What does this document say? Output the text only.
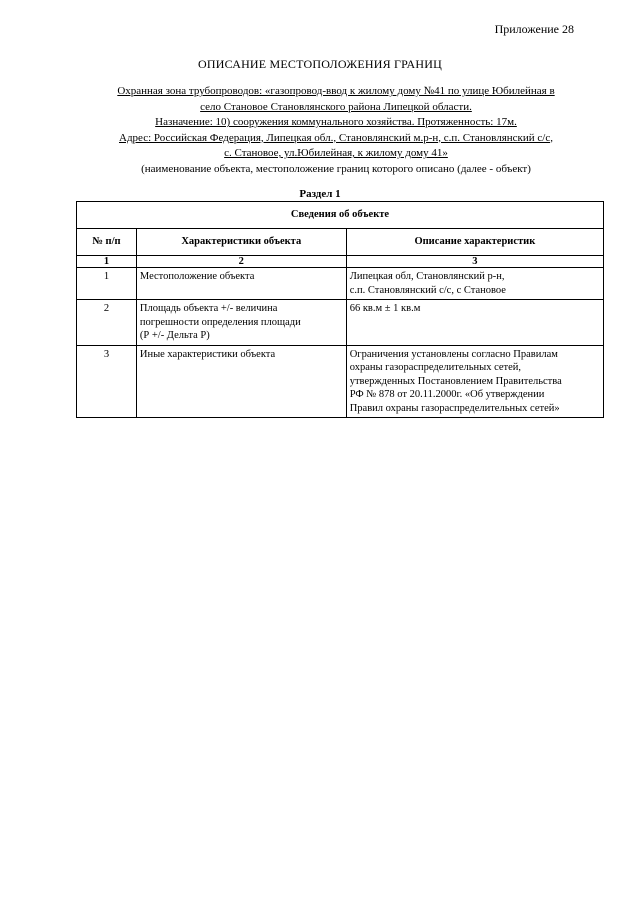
Приложение 28
ОПИСАНИЕ МЕСТОПОЛОЖЕНИЯ ГРАНИЦ
Охранная зона трубопроводов: «газопровод-ввод к жилому дому №41 по улице Юбилейная в
село Становое Становлянского района Липецкой области.
Назначение: 10) сооружения коммунального хозяйства. Протяженность: 17м.
Адрес: Российская Федерация, Липецкая обл., Становлянский м.р-н, с.п. Становлянский с/с,
с. Становое, ул.Юбилейная, к жилому дому 41»
(наименование объекта, местоположение границ которого описано (далее - объект)
Раздел 1
Сведения об объекте		
№ п/п	Характеристики объекта	Описание характеристик
1	2	3
1	Местоположение объекта	Липецкая обл, Становлянский р-н,
с.п. Становлянский с/с, с Становое

2	Площадь объекта +/- величина
погрешности определения площади
(Р +/- Дельта Р)	66 кв.м ± 1 кв.м

3	Иные характеристики объекта	Ограничения установлены согласно Правилам
охраны газораспределительных сетей,
утвержденных Постановлением Правительства
РФ № 878 от 20.11.2000г. «Об утверждении
Правил охраны газораспределительных сетей»
